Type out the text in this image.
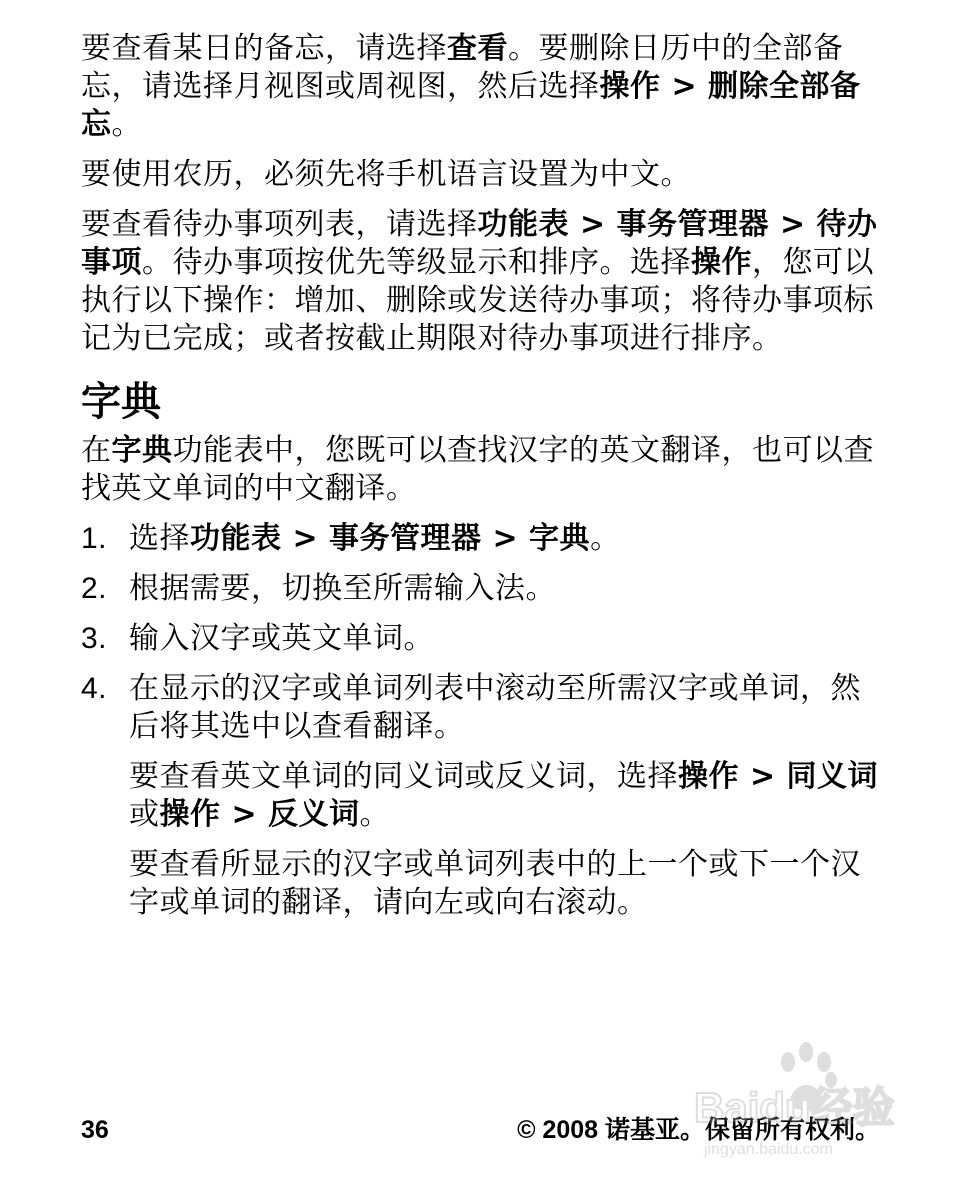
要查看某日的备忘，请选择查看。要删除日历中的全部备忘，请选择月视图或周视图，然后选择操作 > 删除全部备忘。

要使用农历，必须先将手机语言设置为中文。

要查看待办事项列表，请选择功能表 > 事务管理器 > 待办事项。待办事项按优先等级显示和排序。选择操作，您可以执行以下操作：增加、删除或发送待办事项；将待办事项标记为已完成；或者按截止期限对待办事项进行排序。

字典

在字典功能表中，您既可以查找汉字的英文翻译，也可以查找英文单词的中文翻译。

1. 选择功能表 > 事务管理器 > 字典。
2. 根据需要，切换至所需输入法。
3. 输入汉字或英文单词。
4. 在显示的汉字或单词列表中滚动至所需汉字或单词，然后将其选中以查看翻译。

要查看英文单词的同义词或反义词，选择操作 > 同义词或操作 > 反义词。

要查看所显示的汉字或单词列表中的上一个或下一个汉字或单词的翻译，请向左或向右滚动。

36	© 2008 诺基亚。保留所有权利。
Baidu经验
jingyan.baidu.com
